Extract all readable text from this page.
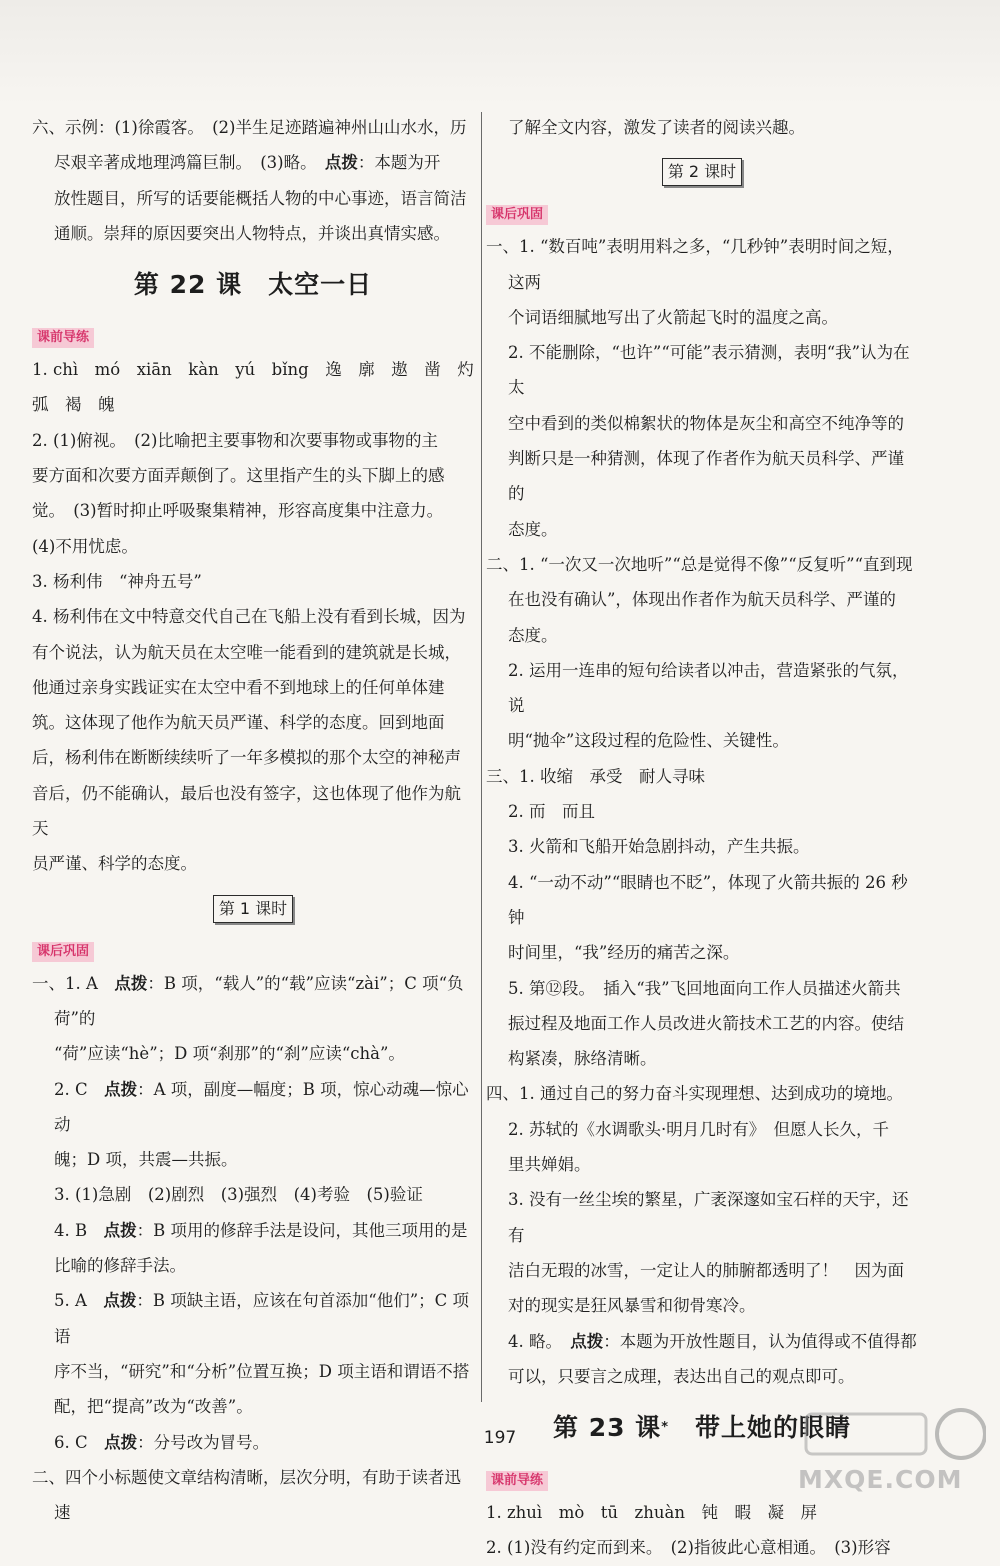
六、示例：(1)徐霞客。　(2)半生足迹踏遍神州山山水水，历
尽艰辛著成地理鸿篇巨制。　(3)略。　点拨：本题为开
放性题目，所写的话要能概括人物的中心事迹，语言简洁
通顺。崇拜的原因要突出人物特点，并谈出真情实感。

第 22 课 太空一日
课前导练

1. chì　mó　xiān　kàn　yú　bǐng　逸　廓　遨　凿　灼

弧　褐　魄

2. (1)俯视。　(2)比喻把主要事物和次要事物或事物的主

要方面和次要方面弄颠倒了。这里指产生的头下脚上的感

觉。　(3)暂时抑止呼吸聚集精神，形容高度集中注意力。

(4)不用忧虑。

3. 杨利伟　“神舟五号”

4. 杨利伟在文中特意交代自己在飞船上没有看到长城，因为

有个说法，认为航天员在太空唯一能看到的建筑就是长城，

他通过亲身实践证实在太空中看不到地球上的任何单体建

筑。这体现了他作为航天员严谨、科学的态度。回到地面

后，杨利伟在断断续续听了一年多模拟的那个太空的神秘声

音后，仍不能确认，最后也没有签字，这也体现了他作为航天

员严谨、科学的态度。

第 1 课时
课后巩固

一、1. A　点拨：B 项，“载人”的“载”应读“zài”；C 项“负荷”的

“荷”应读“hè”；D 项“刹那”的“刹”应读“chà”。

2. C　点拨：A 项，副度—幅度；B 项，惊心动魂—惊心动

魄；D 项，共震—共振。

3. (1)急剧　(2)剧烈　(3)强烈　(4)考验　(5)验证

4. B　点拨：B 项用的修辞手法是设问，其他三项用的是

比喻的修辞手法。

5. A　点拨：B 项缺主语，应该在句首添加“他们”；C 项语

序不当，“研究”和“分析”位置互换；D 项主语和谓语不搭

配，把“提高”改为“改善”。

6. C　点拨：分号改为冒号。

二、四个小标题使文章结构清晰，层次分明，有助于读者迅速

了解全文内容，激发了读者的阅读兴趣。

第 2 课时
课后巩固

一、1. “数百吨”表明用料之多，“几秒钟”表明时间之短，这两

个词语细腻地写出了火箭起飞时的温度之高。

2. 不能删除，“也许”“可能”表示猜测，表明“我”认为在太

空中看到的类似棉絮状的物体是灰尘和高空不纯净等的

判断只是一种猜测，体现了作者作为航天员科学、严谨的

态度。

二、1. “一次又一次地听”“总是觉得不像”“反复听”“直到现

在也没有确认”，体现出作者作为航天员科学、严谨的

态度。

2. 运用一连串的短句给读者以冲击，营造紧张的气氛，说

明“抛伞”这段过程的危险性、关键性。

三、1. 收缩　承受　耐人寻味

2. 而　而且

3. 火箭和飞船开始急剧抖动，产生共振。

4. “一动不动”“眼睛也不眨”，体现了火箭共振的 26 秒钟

时间里，“我”经历的痛苦之深。

5. 第⑫段。　插入“我”飞回地面向工作人员描述火箭共

振过程及地面工作人员改进火箭技术工艺的内容。使结

构紧凑，脉络清晰。

四、1. 通过自己的努力奋斗实现理想、达到成功的境地。

2. 苏轼的《水调歌头·明月几时有》　但愿人长久，千

里共婵娟。

3. 没有一丝尘埃的繁星，广袤深邃如宝石样的天宇，还有

洁白无瑕的冰雪，一定让人的肺腑都透明了！　因为面

对的现实是狂风暴雪和彻骨寒冷。

4. 略。　点拨：本题为开放性题目，认为值得或不值得都

可以，只要言之成理，表达出自己的观点即可。

第 23 课* 带上她的眼睛
课前导练

1. zhuì　mò　tū　zhuàn　钝　暇　凝　屏

2. (1)没有约定而到来。　(2)指彼此心意相通。　(3)形容

197
MXQE.COM
